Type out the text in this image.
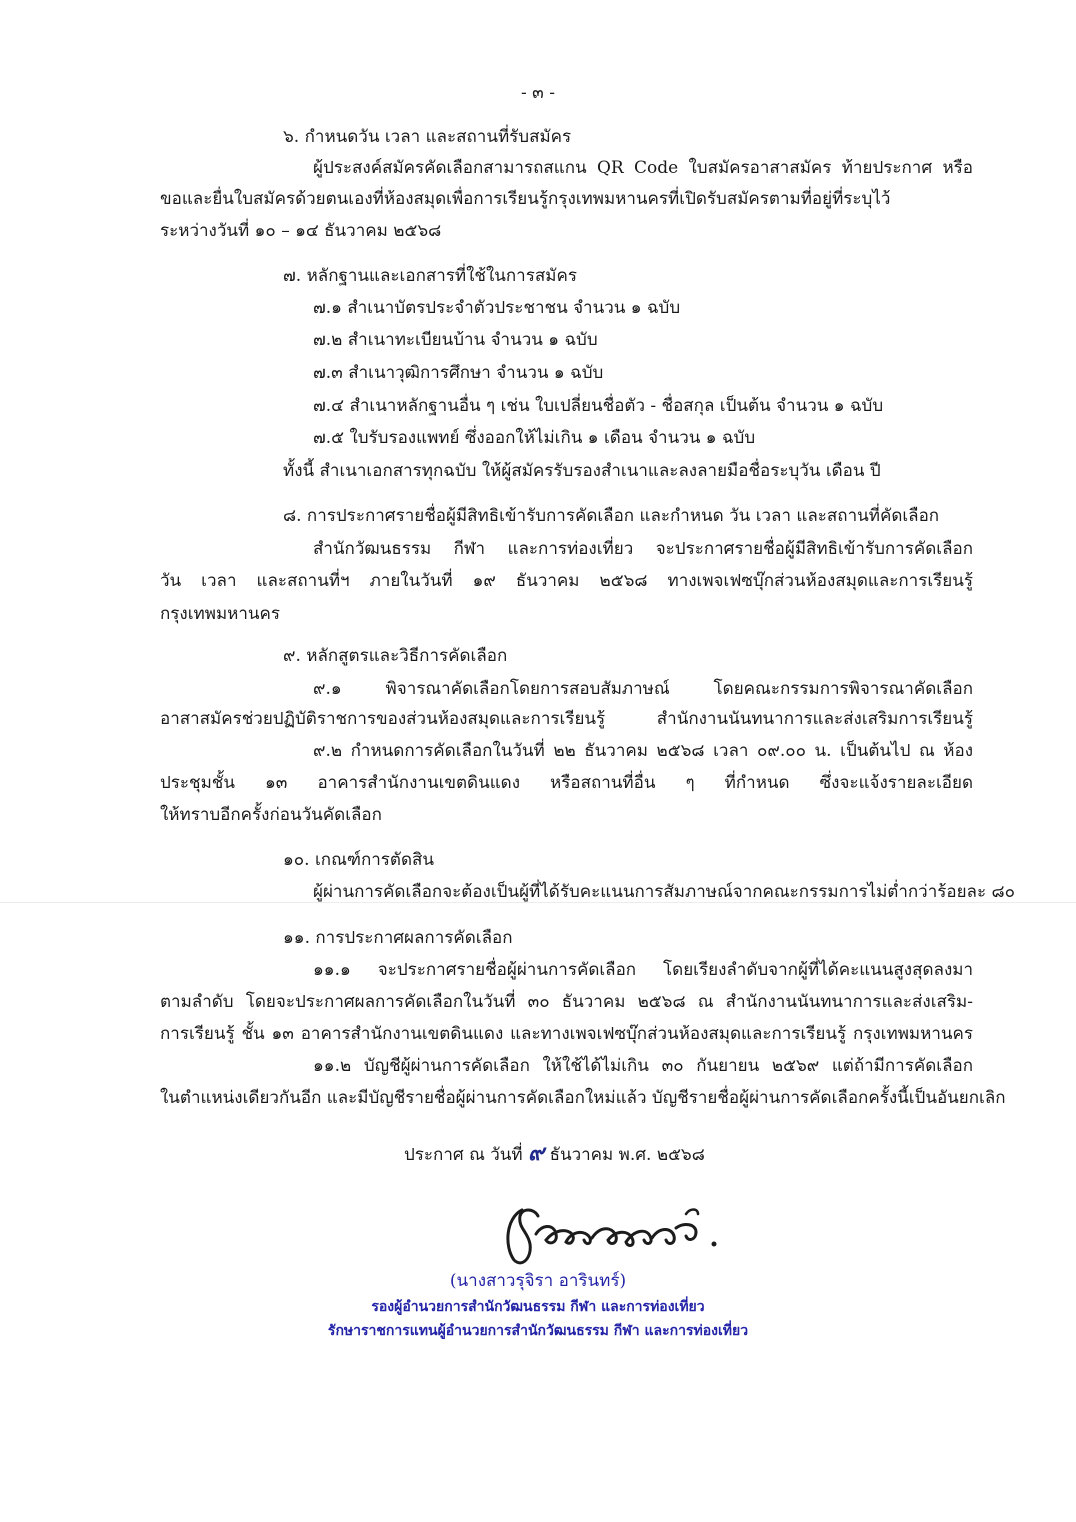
- ๓ -
๖. กำหนดวัน เวลา และสถานที่รับสมัคร
ผู้ประสงค์สมัครคัดเลือกสามารถสแกน QR Code ใบสมัครอาสาสมัคร ท้ายประกาศ หรือ
ขอและยื่นใบสมัครด้วยตนเองที่ห้องสมุดเพื่อการเรียนรู้กรุงเทพมหานครที่เปิดรับสมัครตามที่อยู่ที่ระบุไว้
ระหว่างวันที่ ๑๐ – ๑๔ ธันวาคม ๒๕๖๘
๗. หลักฐานและเอกสารที่ใช้ในการสมัคร
๗.๑ สำเนาบัตรประจำตัวประชาชน จำนวน ๑ ฉบับ
๗.๒ สำเนาทะเบียนบ้าน จำนวน ๑ ฉบับ
๗.๓ สำเนาวุฒิการศึกษา จำนวน ๑ ฉบับ
๗.๔ สำเนาหลักฐานอื่น ๆ เช่น ใบเปลี่ยนชื่อตัว - ชื่อสกุล เป็นต้น จำนวน ๑ ฉบับ
๗.๕ ใบรับรองแพทย์ ซึ่งออกให้ไม่เกิน ๑ เดือน จำนวน ๑ ฉบับ
ทั้งนี้ สำเนาเอกสารทุกฉบับ ให้ผู้สมัครรับรองสำเนาและลงลายมือชื่อระบุวัน เดือน ปี
๘. การประกาศรายชื่อผู้มีสิทธิเข้ารับการคัดเลือก และกำหนด วัน เวลา และสถานที่คัดเลือก
สำนักวัฒนธรรม กีฬา และการท่องเที่ยว จะประกาศรายชื่อผู้มีสิทธิเข้ารับการคัดเลือก
วัน เวลา และสถานที่ฯ ภายในวันที่ ๑๙ ธันวาคม ๒๕๖๘ ทางเพจเฟซบุ๊กส่วนห้องสมุดและการเรียนรู้
กรุงเทพมหานคร
๙. หลักสูตรและวิธีการคัดเลือก
๙.๑ พิจารณาคัดเลือกโดยการสอบสัมภาษณ์ โดยคณะกรรมการพิจารณาคัดเลือก
อาสาสมัครช่วยปฏิบัติราชการของส่วนห้องสมุดและการเรียนรู้ สำนักงานนันทนาการและส่งเสริมการเรียนรู้
๙.๒ กำหนดการคัดเลือกในวันที่ ๒๒ ธันวาคม ๒๕๖๘ เวลา ๐๙.๐๐ น. เป็นต้นไป ณ ห้อง
ประชุมชั้น ๑๓ อาคารสำนักงานเขตดินแดง หรือสถานที่อื่น ๆ ที่กำหนด ซึ่งจะแจ้งรายละเอียด
ให้ทราบอีกครั้งก่อนวันคัดเลือก
๑๐. เกณฑ์การตัดสิน
ผู้ผ่านการคัดเลือกจะต้องเป็นผู้ที่ได้รับคะแนนการสัมภาษณ์จากคณะกรรมการไม่ต่ำกว่าร้อยละ ๘๐
๑๑. การประกาศผลการคัดเลือก
๑๑.๑ จะประกาศรายชื่อผู้ผ่านการคัดเลือก โดยเรียงลำดับจากผู้ที่ได้คะแนนสูงสุดลงมา
ตามลำดับ โดยจะประกาศผลการคัดเลือกในวันที่ ๓๐ ธันวาคม ๒๕๖๘ ณ สำนักงานนันทนาการและส่งเสริม-
การเรียนรู้ ชั้น ๑๓ อาคารสำนักงานเขตดินแดง และทางเพจเฟซบุ๊กส่วนห้องสมุดและการเรียนรู้ กรุงเทพมหานคร
๑๑.๒ บัญชีผู้ผ่านการคัดเลือก ให้ใช้ได้ไม่เกิน ๓๐ กันยายน ๒๕๖๙ แต่ถ้ามีการคัดเลือก
ในตำแหน่งเดียวกันอีก และมีบัญชีรายชื่อผู้ผ่านการคัดเลือกใหม่แล้ว บัญชีรายชื่อผู้ผ่านการคัดเลือกครั้งนี้เป็นอันยกเลิก
ประกาศ ณ วันที่ ๙ ธันวาคม พ.ศ. ๒๕๖๘
(นางสาวรุจิรา อารินทร์)
รองผู้อำนวยการสำนักวัฒนธรรม กีฬา และการท่องเที่ยว
รักษาราชการแทนผู้อำนวยการสำนักวัฒนธรรม กีฬา และการท่องเที่ยว
